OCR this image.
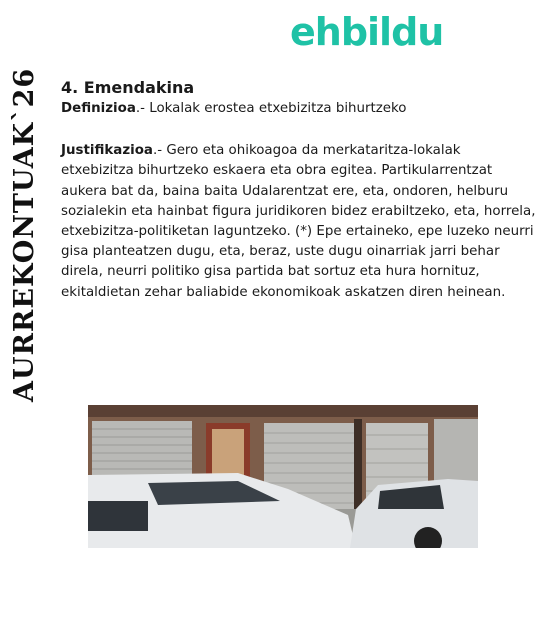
ehbildu
AURREKONTUAK`26	4. Emendakina

Definizioa.- Lokalak erostea etxebizitza bihurtzeko

Justifikazioa.- Gero eta ohikoagoa da merkataritza-lokalak etxebizitza bihurtzeko eskaera eta obra egitea. Partikularrentzat aukera bat da, baina baita Udalarentzat ere, eta, ondoren, helburu sozialekin eta hainbat figura juridikoren bidez erabiltzeko, eta, horrela, etxebizitza-politiketan laguntzeko. (*) Epe ertaineko, epe luzeko neurri gisa planteatzen dugu, eta, beraz, uste dugu oinarriak jarri behar direla, neurri politiko gisa partida bat sortuz eta hura hornituz, ekitaldietan zehar baliabide ekonomikoak askatzen diren heinean.
